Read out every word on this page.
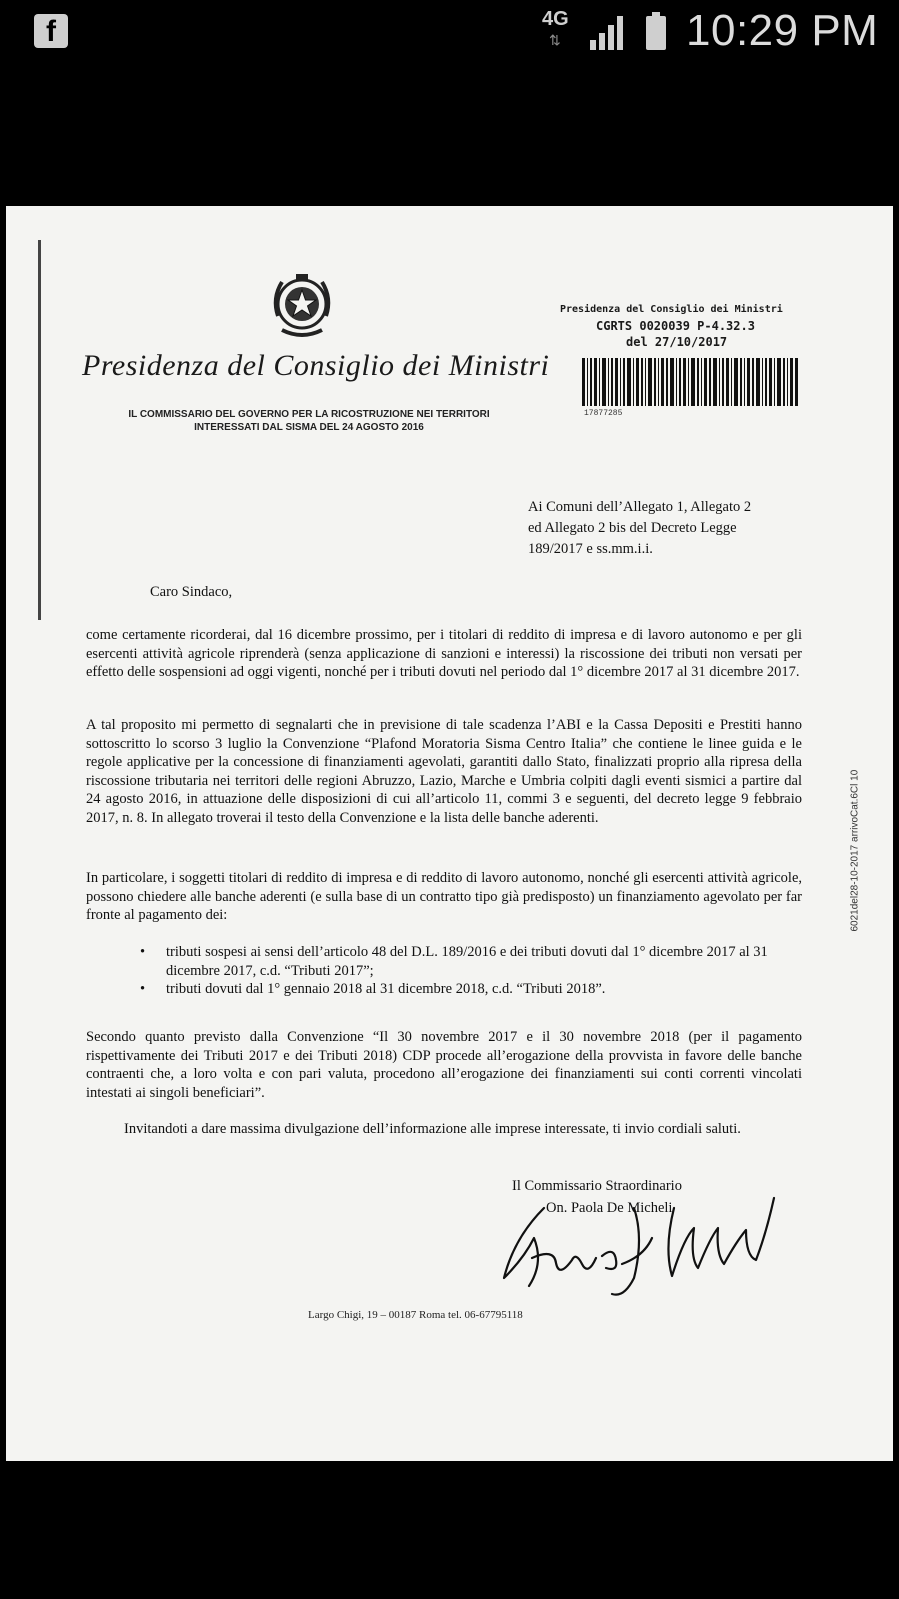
f	4G
⇅	10:29 PM
Presidenza del Consiglio dei Ministri
IL COMMISSARIO DEL GOVERNO PER LA RICOSTRUZIONE NEI TERRITORI
INTERESSATI DAL SISMA DEL 24 AGOSTO 2016
Presidenza del Consiglio dei Ministri
CGRTS 0020039 P-4.32.3
del 27/10/2017
17877285
Ai Comuni dell’Allegato 1, Allegato 2
ed Allegato 2 bis del Decreto Legge
189/2017 e ss.mm.i.i.
6021del28-10-2017 arrivoCat.6Cl 10
Caro Sindaco,
come certamente ricorderai, dal 16 dicembre prossimo, per i titolari di reddito di impresa e di lavoro autonomo e per gli esercenti attività agricole riprenderà (senza applicazione di sanzioni e interessi) la riscossione dei tributi non versati per effetto delle sospensioni ad oggi vigenti, nonché per i tributi dovuti nel periodo dal 1° dicembre 2017 al 31 dicembre 2017.
A tal proposito mi permetto di segnalarti che in previsione di tale scadenza l’ABI e la Cassa Depositi e Prestiti hanno sottoscritto lo scorso 3 luglio la Convenzione “Plafond Moratoria Sisma Centro Italia” che contiene le linee guida e le regole applicative per la concessione di finanziamenti agevolati, garantiti dallo Stato, finalizzati proprio alla ripresa della riscossione tributaria nei territori delle regioni Abruzzo, Lazio, Marche e Umbria colpiti dagli eventi sismici a partire dal 24 agosto 2016, in attuazione delle disposizioni di cui all’articolo 11, commi 3 e seguenti, del decreto legge 9 febbraio 2017, n. 8. In allegato troverai il testo della Convenzione e la lista delle banche aderenti.
In particolare, i soggetti titolari di reddito di impresa e di reddito di lavoro autonomo, nonché gli esercenti attività agricole, possono chiedere alle banche aderenti (e sulla base di un contratto tipo già predisposto) un finanziamento agevolato per far fronte al pagamento dei:
• tributi sospesi ai sensi dell’articolo 48 del D.L. 189/2016 e dei tributi dovuti dal 1° dicembre 2017 al 31 dicembre 2017, c.d. “Tributi 2017”;
• tributi dovuti dal 1° gennaio 2018 al 31 dicembre 2018, c.d. “Tributi 2018”.
Secondo quanto previsto dalla Convenzione “Il 30 novembre 2017 e il 30 novembre 2018 (per il pagamento rispettivamente dei Tributi 2017 e dei Tributi 2018) CDP procede all’erogazione della provvista in favore delle banche contraenti che, a loro volta e con pari valuta, procedono all’erogazione dei finanziamenti sui conti correnti vincolati intestati ai singoli beneficiari”.
Invitandoti a dare massima divulgazione dell’informazione alle imprese interessate, ti invio cordiali saluti.
Il Commissario Straordinario
On. Paola De Micheli
Largo Chigi, 19 – 00187 Roma tel. 06-67795118
